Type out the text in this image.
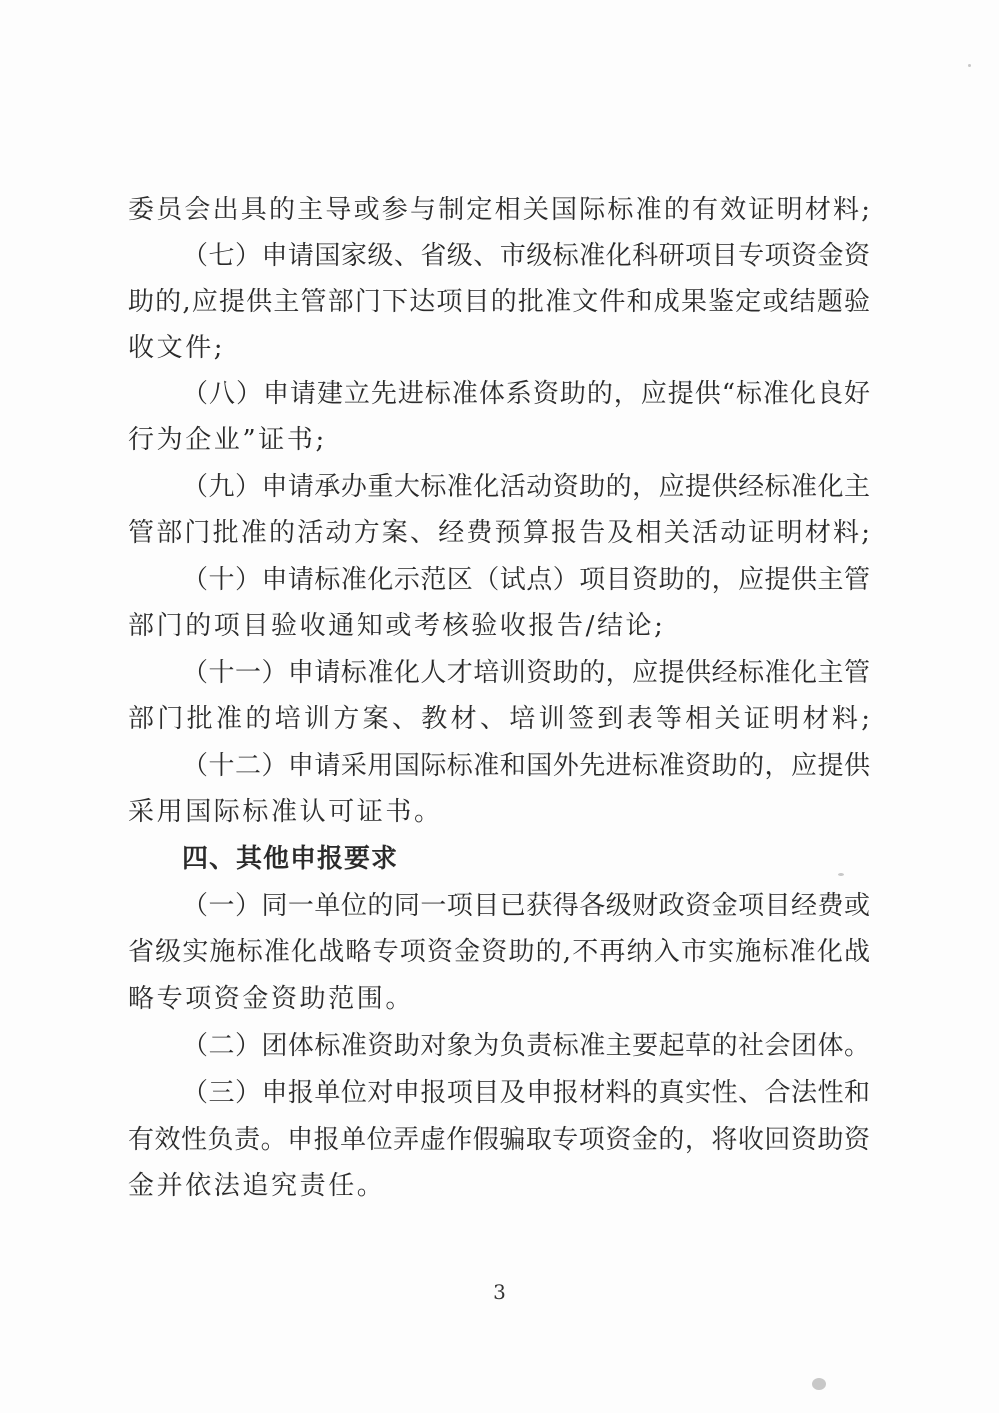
委员会出具的主导或参与制定相关国际标准的有效证明材料;
（七）申请国家级、省级、市级标准化科研项目专项资金资
助的,应提供主管部门下达项目的批准文件和成果鉴定或结题验
收文件;
（八）申请建立先进标准体系资助的，应提供“标准化良好
行为企业”证书;
（九）申请承办重大标准化活动资助的，应提供经标准化主
管部门批准的活动方案、经费预算报告及相关活动证明材料;
（十）申请标准化示范区（试点）项目资助的，应提供主管
部门的项目验收通知或考核验收报告/结论;
（十一）申请标准化人才培训资助的，应提供经标准化主管
部门批准的培训方案、教材、培训签到表等相关证明材料;
（十二）申请采用国际标准和国外先进标准资助的，应提供
采用国际标准认可证书。
四、其他申报要求
（一）同一单位的同一项目已获得各级财政资金项目经费或
省级实施标准化战略专项资金资助的,不再纳入市实施标准化战
略专项资金资助范围。
（二）团体标准资助对象为负责标准主要起草的社会团体。
（三）申报单位对申报项目及申报材料的真实性、合法性和
有效性负责。申报单位弄虚作假骗取专项资金的，将收回资助资
金并依法追究责任。
3
